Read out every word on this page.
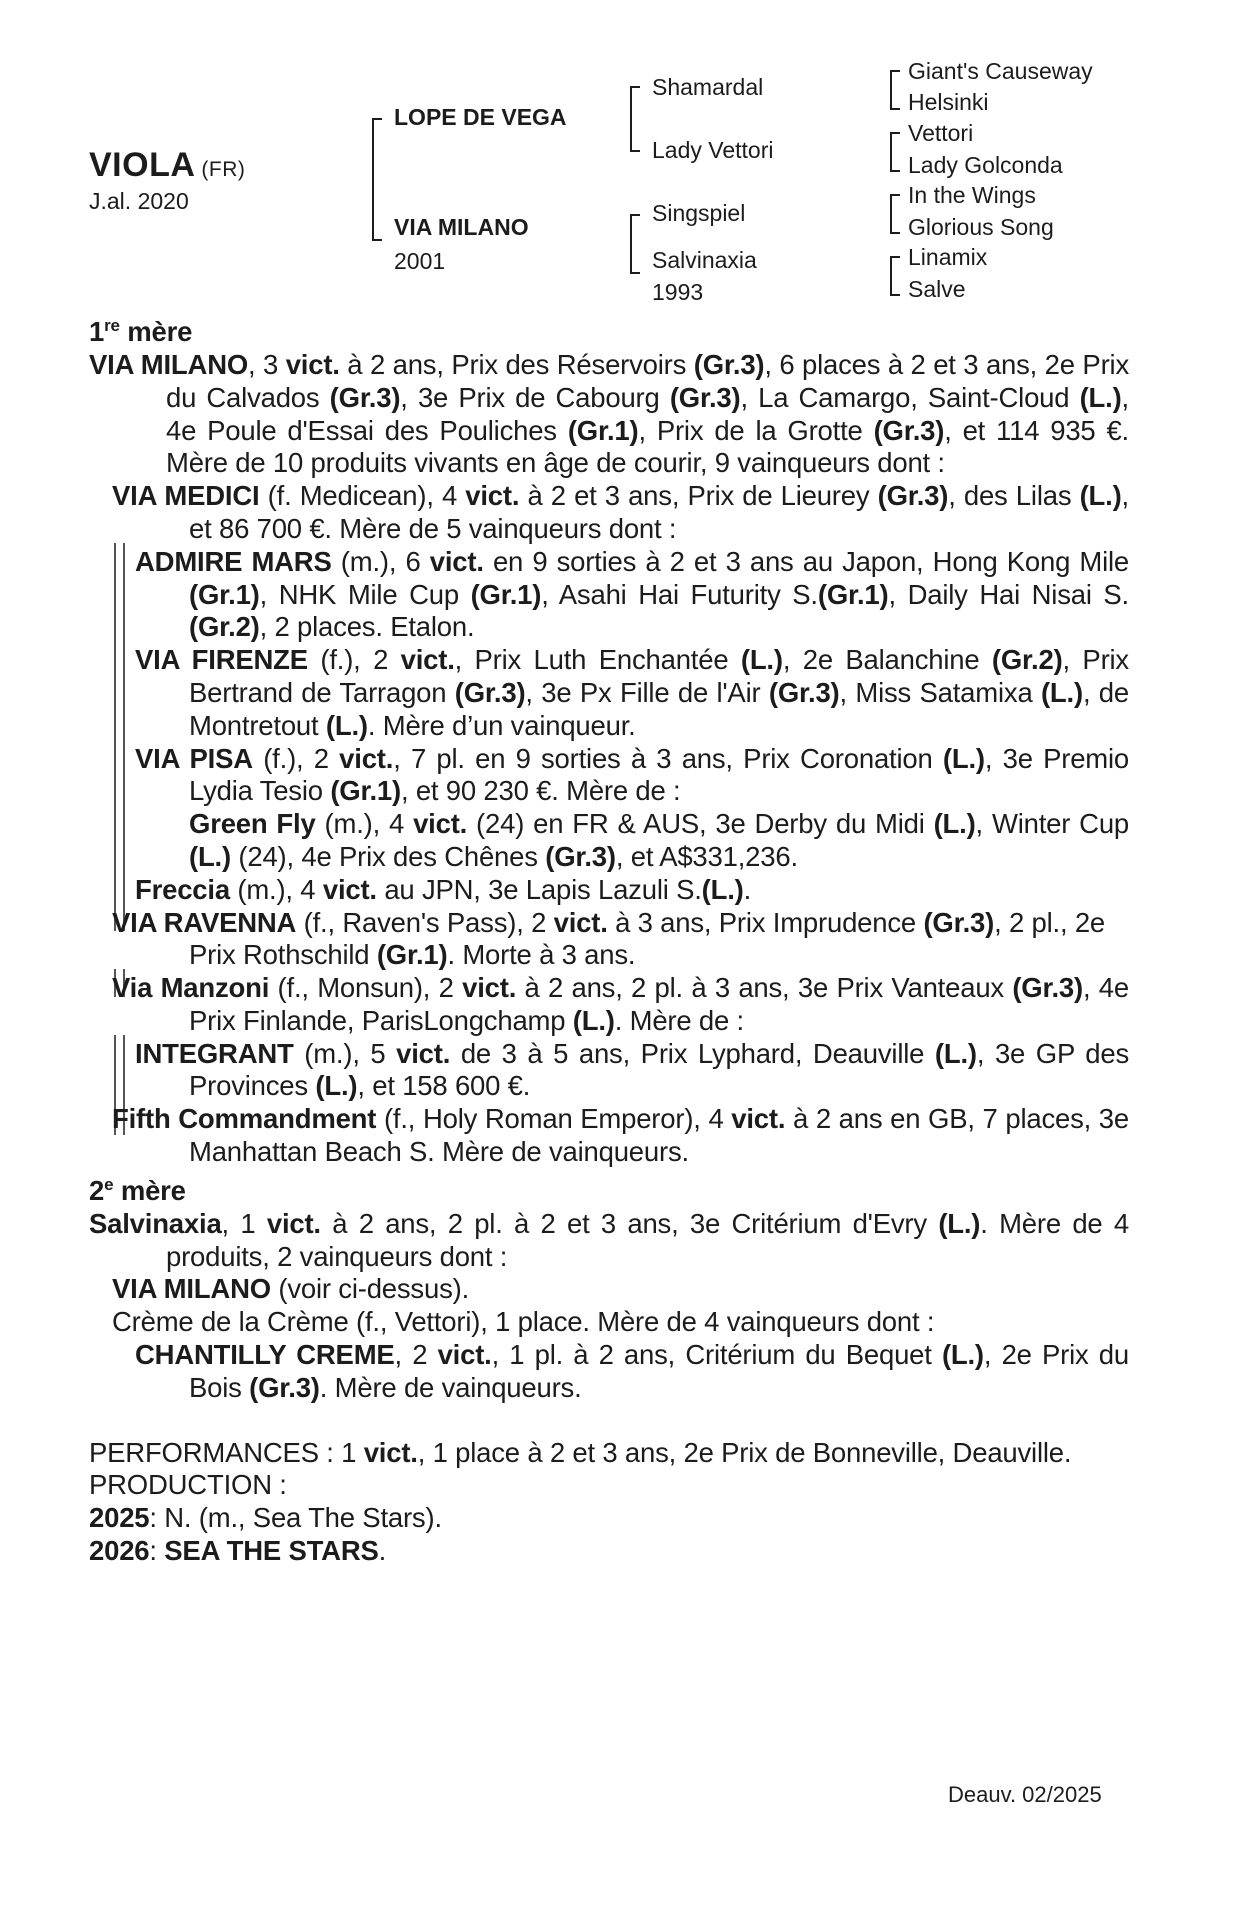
VIOLA (FR)
J.al. 2020
LOPE DE VEGA
VIA MILANO
2001
Shamardal
Lady Vettori
Singspiel
Salvinaxia
1993
Giant's Causeway
Helsinki
Vettori
Lady Golconda
In the Wings
Glorious Song
Linamix
Salve

1re mère

VIA MILANO, 3 vict. à 2 ans, Prix des Réservoirs (Gr.3), 6 places à 2 et 3 ans, 2e Prix du Calvados (Gr.3), 3e Prix de Cabourg (Gr.3), La Camargo, Saint-Cloud (L.), 4e Poule d'Essai des Pouliches (Gr.1), Prix de la Grotte (Gr.3), et 114 935 €. Mère de 10 produits vivants en âge de courir, 9 vainqueurs dont :

VIA MEDICI (f. Medicean), 4 vict. à 2 et 3 ans, Prix de Lieurey (Gr.3), des Lilas (L.), et 86 700 €. Mère de 5 vainqueurs dont :

ADMIRE MARS (m.), 6 vict. en 9 sorties à 2 et 3 ans au Japon, Hong Kong Mile (Gr.1), NHK Mile Cup (Gr.1), Asahi Hai Futurity S.(Gr.1), Daily Hai Nisai S. (Gr.2), 2 places. Etalon.

VIA FIRENZE (f.), 2 vict., Prix Luth Enchantée (L.), 2e Balanchine (Gr.2), Prix Bertrand de Tarragon (Gr.3), 3e Px Fille de l'Air (Gr.3), Miss Satamixa (L.), de Montretout (L.). Mère d’un vainqueur.

VIA PISA (f.), 2 vict., 7 pl. en 9 sorties à 3 ans, Prix Coronation (L.), 3e Premio Lydia Tesio (Gr.1), et 90 230 €. Mère de :

Green Fly (m.), 4 vict. (24) en FR & AUS, 3e Derby du Midi (L.), Winter Cup (L.) (24), 4e Prix des Chênes (Gr.3), et A$331,236.

Freccia (m.), 4 vict. au JPN, 3e Lapis Lazuli S.(L.).

VIA RAVENNA (f., Raven's Pass), 2 vict. à 3 ans, Prix Imprudence (Gr.3), 2 pl., 2e Prix Rothschild (Gr.1). Morte à 3 ans.

Via Manzoni (f., Monsun), 2 vict. à 2 ans, 2 pl. à 3 ans, 3e Prix Vanteaux (Gr.3), 4e Prix Finlande, ParisLongchamp (L.). Mère de :

INTEGRANT (m.), 5 vict. de 3 à 5 ans, Prix Lyphard, Deauville (L.), 3e GP des Provinces (L.), et 158 600 €.

Fifth Commandment (f., Holy Roman Emperor), 4 vict. à 2 ans en GB, 7 places, 3e Manhattan Beach S. Mère de vainqueurs.

2e mère

Salvinaxia, 1 vict. à 2 ans, 2 pl. à 2 et 3 ans, 3e Critérium d'Evry (L.). Mère de 4 produits, 2 vainqueurs dont :

VIA MILANO (voir ci-dessus).

Crème de la Crème (f., Vettori), 1 place. Mère de 4 vainqueurs dont :

CHANTILLY CREME, 2 vict., 1 pl. à 2 ans, Critérium du Bequet (L.), 2e Prix du Bois (Gr.3). Mère de vainqueurs.

PERFORMANCES : 1 vict., 1 place à 2 et 3 ans, 2e Prix de Bonneville, Deauville.

PRODUCTION :

2025: N. (m., Sea The Stars).

2026: SEA THE STARS.

Deauv. 02/2025
